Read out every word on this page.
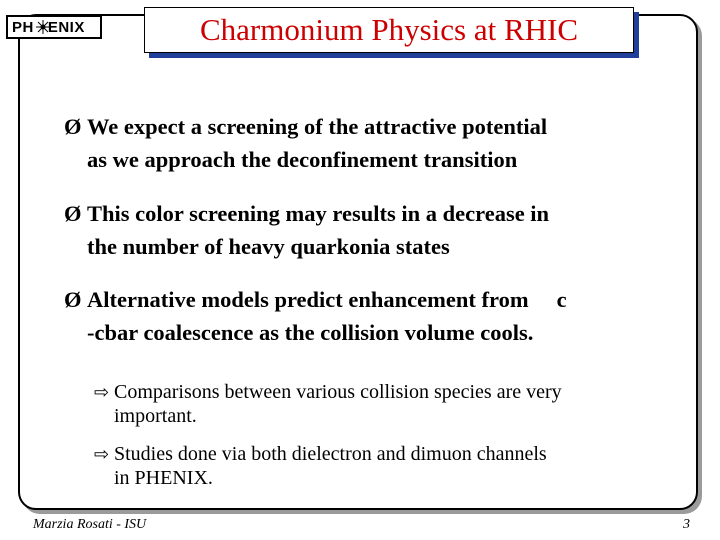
PH ENIX	Charmonium Physics at RHIC
Ø We expect a screening of the attractive potential
as we approach the deconfinement transition
Ø This color screening may results in a decrease in
the number of heavy quarkonia states
Ø Alternative models predict enhancement from c
-cbar coalescence as the collision volume cools.
⇨ Comparisons between various collision species are very
important.
⇨ Studies done via both dielectron and dimuon channels
in PHENIX.
Marzia Rosati - ISU	3
